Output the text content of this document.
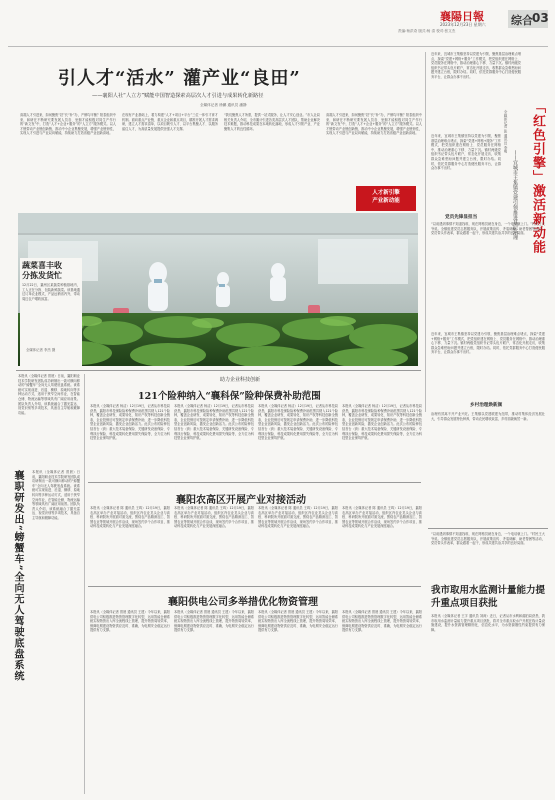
襄陽日報
2023年12月23日 星期六
责编:杨洪奇 版式:杨 清 校对:张文杰
综合 03
引人才“活水” 灌产业“良田”
——襄阳人社“人立方”赋能中国智造探索高层次人才引进与成果转化新路径
全媒体记者 徐鹏 通讯员 潘静
高端人才引进来，如何聚焦“扶”长“补”办，产销均平衡？阳泰组织中来，和研在不断研究要发展人员各、坐拥才能积极对同生产作行的“新文发”中，打造“人才+企业+服务”的“人立方”服务模式。以人才链带动产业链创新链，推动中小企业集聚发展，增强产业链韧性，实现人才引进与产业双向赋能，持续助力打造省级产业创新高地。
在现有产业基础上，着力构建“人才+项目+平台”三位一体引才育才机制。面向重点产业链、重点企业和重点项目，精准开展人才需求调研，建立人才需求清单，以项目吸引人才、以平台集聚人才、以服务留住人才，为高质量发展提供坚强人才支撑。
“我们聚焦人才所需，提供一站式服务，让人才安心创业。”市人社局相关负责人介绍，全市累计引进各类高层次人才团队，帮助企业解决技术难题，推动科技成果在本地转化落地，形成人才引领产业、产业聚集人才的良性循环。
高端人才引进来，如何聚焦“扶”长“补”办，产销均平衡？阳泰组织中来，和研在不断研究要发展人员各、坐拥才能积极对同生产作行的“新文发”中，打造“人才+企业+服务”的“人立方”服务模式。以人才链带动产业链创新链，推动中小企业集聚发展，增强产业链韧性，实现人才引进与产业双向赋能，持续助力打造省级产业创新高地。
人才新引擎
产业新动能
蔬菜喜丰收
分拣发货忙
12月22日，襄州区某蔬菜种植基地内，工人正在分拣、包装新鲜蔬菜。该基地通过订单农业模式，产品远销省内外，带动周边农户增收致富。
全媒体记者 李杰 摄
近年来，宜城市王集镇坚持以党建为引领，聚焦基层治理难点堵点，探索“党建+网格+服务”工作模式，把党组织建在网格上、党员服务在网格中，推动治理重心下移、力量下沉。镇村两级党组织书记带头包片联户，常态化开展走访，收集群众急难愁盼问题并建立台账，限时办结。同时，依托党群服务中心打造便民服务平台，让群众办事不出村。
「红色引擎」激活新动能
——宜城市王集镇党建引领推进基层治理
全媒体记者 张 通讯员 李明
近年来，宜城市王集镇坚持以党建为引领，聚焦基层治理难点堵点，探索“党建+网格+服务”工作模式，把党组织建在网格上、党员服务在网格中，推动治理重心下移、力量下沉。镇村两级党组织书记带头包片联户，常态化开展走访，收集群众急难愁盼问题并建立台账，限时办结。同时，依托党群服务中心打造便民服务平台，让群众办事不出村。
党员先锋显担当
“以前遇到事情不知道找谁，现在网格员就在身边，一个电话就上门。”村民王大爷说。全镇组建党员志愿服务队，开展政策宣传、矛盾调解、助老帮困等活动，党员带头作表率，群众跟着一起干，形成共建共治共享的良好局面。
近年来，宜城市王集镇坚持以党建为引领，聚焦基层治理难点堵点，探索“党建+网格+服务”工作模式，把党组织建在网格上、党员服务在网格中，推动治理重心下移、力量下沉。镇村两级党组织书记带头包片联户，常态化开展走访，收集群众急难愁盼问题并建立台账，限时办结。同时，依托党群服务中心打造便民服务平台，让群众办事不出村。
乡村治理焕新颜
治理有效离不开产业兴旺。王集镇以党建联建为纽带，推动村集体经济发展壮大，引导群众发展特色种养，带动农民增收致富，乡村面貌焕然一新。
助力企业科技创新
121个险种纳入“襄科保”险种保费补助范围
本报讯（全媒体记者 杨洁）12月19日，记者从市科技局获悉，襄阳市科技保险险种保费补助范围共纳入121个险种，覆盖企业研发、成果转化、知识产权等科技创新全链条，企业投保后可按规定申请保费补助，进一步降低科技型企业创新风险，激发企业创新活力。此次公布的险种包括首台（套）重大技术装备保险、关键研发设备保险、专利执行保险、科技成果转化费用损失保险等，全方位为科技型企业保驾护航。
本报讯（全媒体记者 杨洁）12月19日，记者从市科技局获悉，襄阳市科技保险险种保费补助范围共纳入121个险种，覆盖企业研发、成果转化、知识产权等科技创新全链条，企业投保后可按规定申请保费补助，进一步降低科技型企业创新风险，激发企业创新活力。此次公布的险种包括首台（套）重大技术装备保险、关键研发设备保险、专利执行保险、科技成果转化费用损失保险等，全方位为科技型企业保驾护航。
本报讯（全媒体记者 杨洁）12月19日，记者从市科技局获悉，襄阳市科技保险险种保费补助范围共纳入121个险种，覆盖企业研发、成果转化、知识产权等科技创新全链条，企业投保后可按规定申请保费补助，进一步降低科技型企业创新风险，激发企业创新活力。此次公布的险种包括首台（套）重大技术装备保险、关键研发设备保险、专利执行保险、科技成果转化费用损失保险等，全方位为科技型企业保驾护航。
本报讯（全媒体记者 杨洁）12月19日，记者从市科技局获悉，襄阳市科技保险险种保费补助范围共纳入121个险种，覆盖企业研发、成果转化、知识产权等科技创新全链条，企业投保后可按规定申请保费补助，进一步降低科技型企业创新风险，激发企业创新活力。此次公布的险种包括首台（套）重大技术装备保险、关键研发设备保险、专利执行保险、科技成果转化费用损失保险等，全方位为科技型企业保驾护航。
本报讯（全媒体记者 曾晨）日前，襄阳职业技术学院研发团队成功研制出一款可横向移动的“螃蟹车”全向无人驾驶底盘系统。该系统可实现前进、后退、横移、原地转向等多种运动方式，适用于狭窄空间作业，在智能仓储、物流运输等领域具有广阔应用前景。团队负责人介绍，该系统融合了激光雷达、视觉识别等多项技术，具备自主导航和避障功能。
襄职研发出“螃蟹车”全向无人驾驶底盘系统	本报讯（全媒体记者 曾晨）日前，襄阳职业技术学院研发团队成功研制出一款可横向移动的“螃蟹车”全向无人驾驶底盘系统。该系统可实现前进、后退、横移、原地转向等多种运动方式，适用于狭窄空间作业，在智能仓储、物流运输等领域具有广阔应用前景。团队负责人介绍，该系统融合了激光雷达、视觉识别等多项技术，具备自主导航和避障功能。
襄阳农高区开展产业对接活动
本报讯（全媒体记者 陈 通讯员 王鸣）12月19日，襄阳农高区举办产业对接活动，组织区内农业龙头企业与高校、科研院所开展面对面交流，围绕农产品精深加工、智慧农业等领域开展合作洽谈，现场签约多个合作项目，推动科技成果转化与产业发展深度融合。
本报讯（全媒体记者 陈 通讯员 王鸣）12月19日，襄阳农高区举办产业对接活动，组织区内农业龙头企业与高校、科研院所开展面对面交流，围绕农产品精深加工、智慧农业等领域开展合作洽谈，现场签约多个合作项目，推动科技成果转化与产业发展深度融合。
本报讯（全媒体记者 陈 通讯员 王鸣）12月19日，襄阳农高区举办产业对接活动，组织区内农业龙头企业与高校、科研院所开展面对面交流，围绕农产品精深加工、智慧农业等领域开展合作洽谈，现场签约多个合作项目，推动科技成果转化与产业发展深度融合。
本报讯（全媒体记者 陈 通讯员 王鸣）12月19日，襄阳农高区举办产业对接活动，组织区内农业龙头企业与高校、科研院所开展面对面交流，围绕农产品精深加工、智慧农业等领域开展合作洽谈，现场签约多个合作项目，推动科技成果转化与产业发展深度融合。
襄阳供电公司多举措优化物资管理
本报讯（全媒体记者 曾晨 通讯员 王建）今年以来，襄阳供电公司积极推进物资管理数字化转型，运用智能仓储系统实现物资出入库全流程线上管理，提升物资周转效率，保障电网建设物资供应及时、准确，为电网安全稳定运行提供有力支撑。
本报讯（全媒体记者 曾晨 通讯员 王建）今年以来，襄阳供电公司积极推进物资管理数字化转型，运用智能仓储系统实现物资出入库全流程线上管理，提升物资周转效率，保障电网建设物资供应及时、准确，为电网安全稳定运行提供有力支撑。
本报讯（全媒体记者 曾晨 通讯员 王建）今年以来，襄阳供电公司积极推进物资管理数字化转型，运用智能仓储系统实现物资出入库全流程线上管理，提升物资周转效率，保障电网建设物资供应及时、准确，为电网安全稳定运行提供有力支撑。
本报讯（全媒体记者 曾晨 通讯员 王建）今年以来，襄阳供电公司积极推进物资管理数字化转型，运用智能仓储系统实现物资出入库全流程线上管理，提升物资周转效率，保障电网建设物资供应及时、准确，为电网安全稳定运行提供有力支撑。
“以前遇到事情不知道找谁，现在网格员就在身边，一个电话就上门。”村民王大爷说。全镇组建党员志愿服务队，开展政策宣传、矛盾调解、助老帮困等活动，党员带头作表率，群众跟着一起干，形成共建共治共享的良好局面。
我市取用水监测计量能力提升重点项目获批
本报讯（全媒体记者 王宇 通讯员 刘涛）近日，记者从市水利和湖泊局获悉，我市取用水监测计量能力提升重点项目获批，将对全市重点取水户开展在线计量设施建设，提升水资源管理精细化、信息化水平，为水资源刚性约束提供有力保障。
